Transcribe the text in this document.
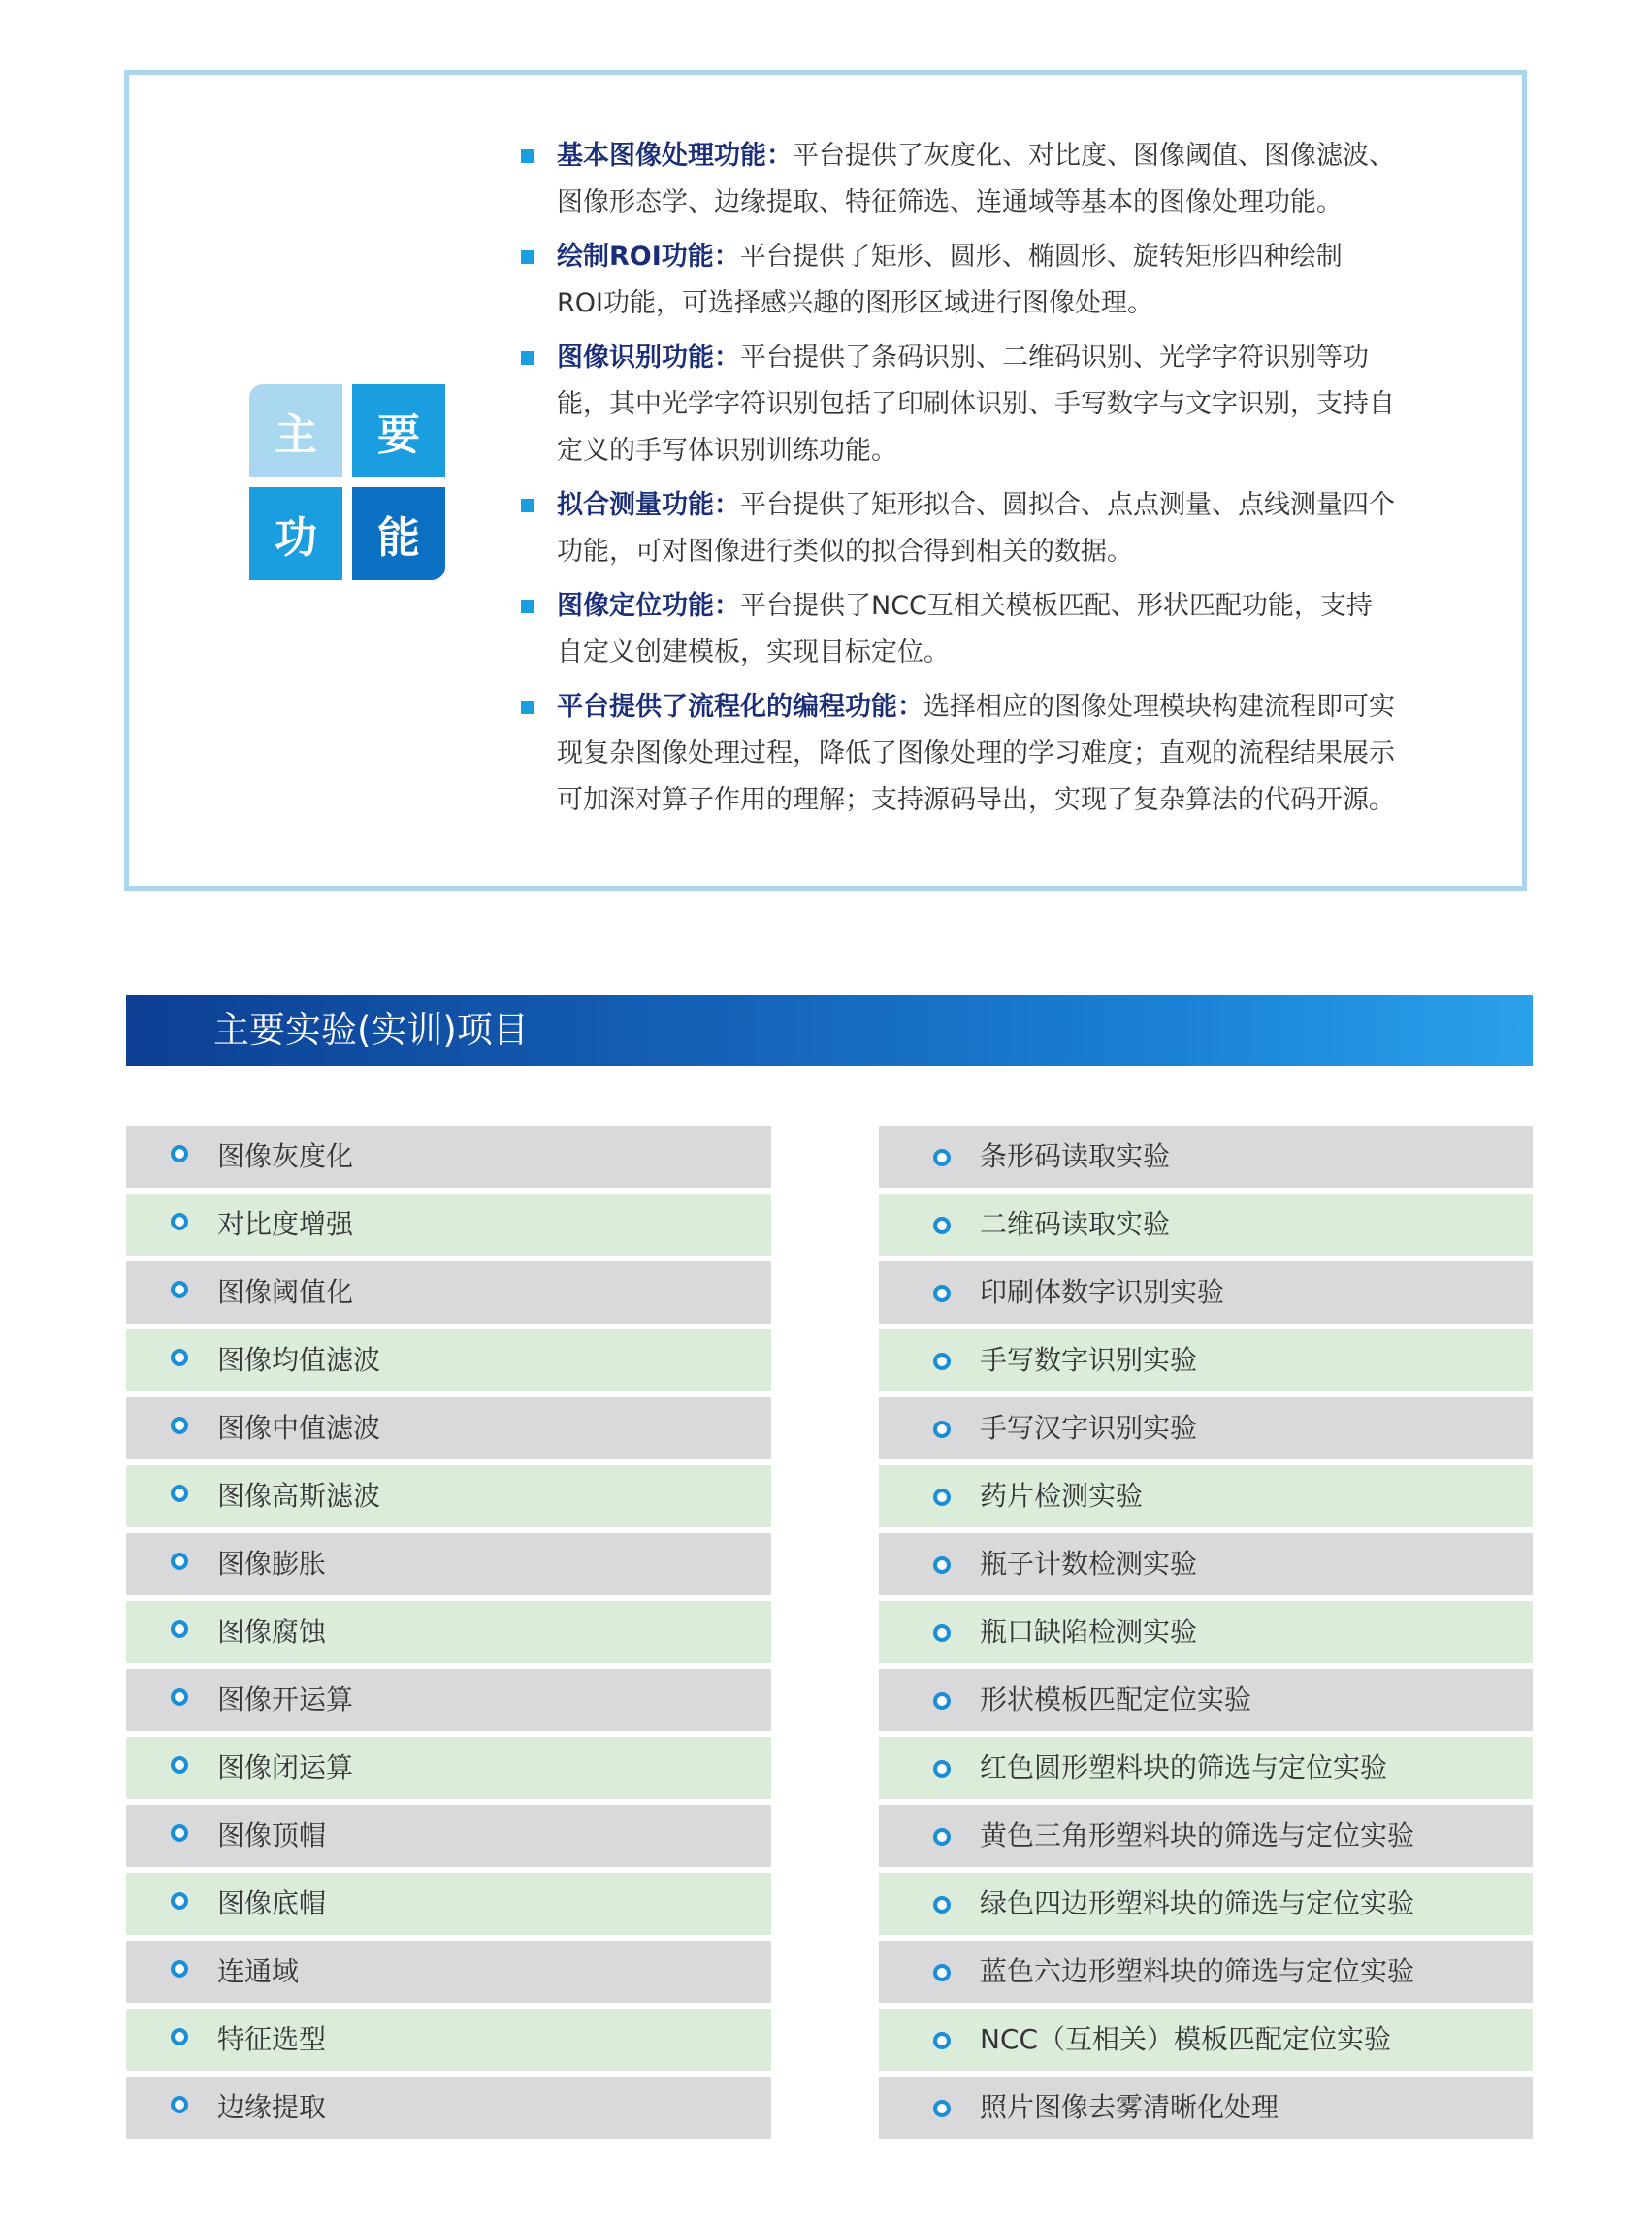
主	要
功	能

基本图像处理功能：平台提供了灰度化、对比度、图像阈值、图像滤波、
图像形态学、边缘提取、特征筛选、连通域等基本的图像处理功能。

绘制ROI功能：平台提供了矩形、圆形、椭圆形、旋转矩形四种绘制
ROI功能，可选择感兴趣的图形区域进行图像处理。

图像识别功能：平台提供了条码识别、二维码识别、光学字符识别等功
能，其中光学字符识别包括了印刷体识别、手写数字与文字识别，支持自
定义的手写体识别训练功能。

拟合测量功能：平台提供了矩形拟合、圆拟合、点点测量、点线测量四个
功能，可对图像进行类似的拟合得到相关的数据。

图像定位功能：平台提供了NCC互相关模板匹配、形状匹配功能，支持
自定义创建模板，实现目标定位。

平台提供了流程化的编程功能：选择相应的图像处理模块构建流程即可实
现复杂图像处理过程，降低了图像处理的学习难度；直观的流程结果展示
可加深对算子作用的理解；支持源码导出，实现了复杂算法的代码开源。

主要实验(实训)项目
图像灰度化
对比度增强
图像阈值化
图像均值滤波
图像中值滤波
图像高斯滤波
图像膨胀
图像腐蚀
图像开运算
图像闭运算
图像顶帽
图像底帽
连通域
特征选型
边缘提取
条形码读取实验
二维码读取实验
印刷体数字识别实验
手写数字识别实验
手写汉字识别实验
药片检测实验
瓶子计数检测实验
瓶口缺陷检测实验
形状模板匹配定位实验
红色圆形塑料块的筛选与定位实验
黄色三角形塑料块的筛选与定位实验
绿色四边形塑料块的筛选与定位实验
蓝色六边形塑料块的筛选与定位实验
NCC（互相关）模板匹配定位实验
照片图像去雾清晰化处理
